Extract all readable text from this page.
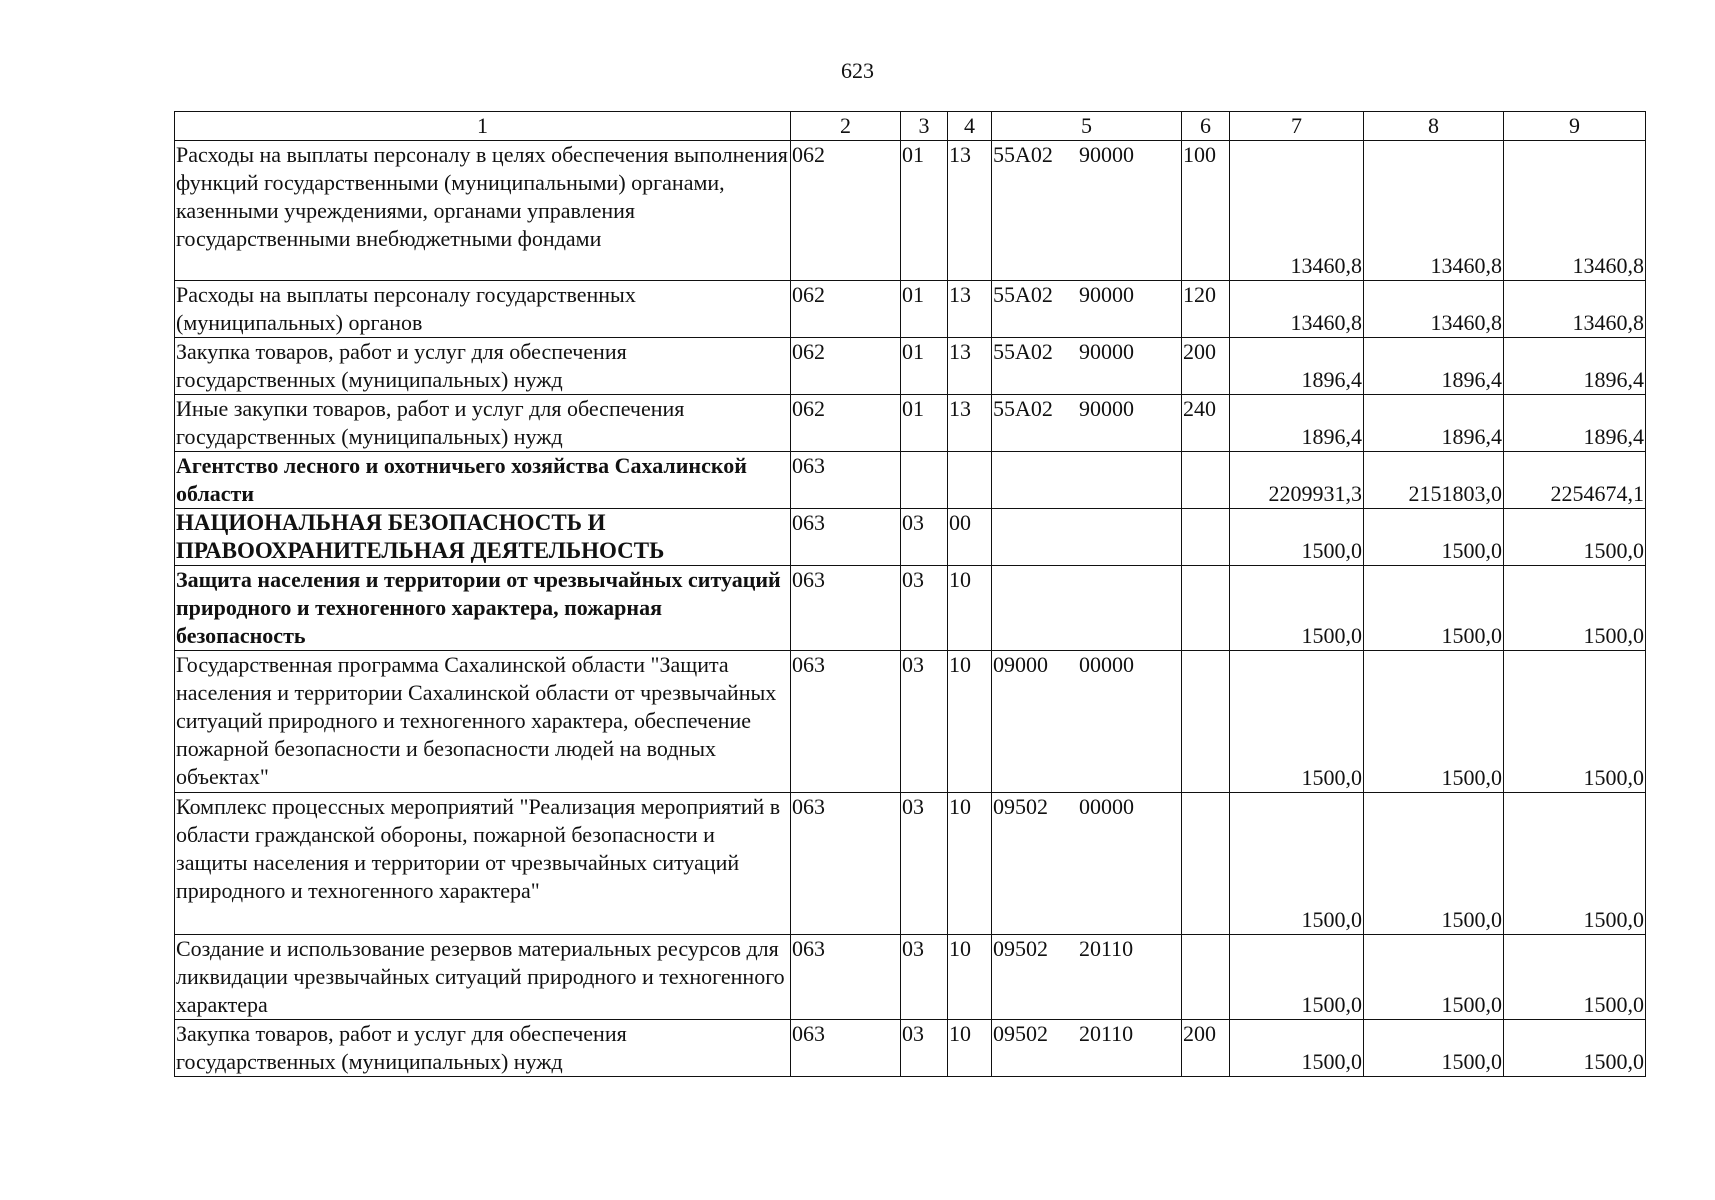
623
1	2	3	4	5	6	7	8	9
Расходы на выплаты персоналу в целях обеспечения выполнения функций государственными (муниципальными) органами, казенными учреждениями, органами управления государственными внебюджетными фондами	062	01	13	55А02 90000	100	13460,8	13460,8	13460,8
Расходы на выплаты персоналу государственных (муниципальных) органов	062	01	13	55А02 90000	120	13460,8	13460,8	13460,8
Закупка товаров, работ и услуг для обеспечения государственных (муниципальных) нужд	062	01	13	55А02 90000	200	1896,4	1896,4	1896,4
Иные закупки товаров, работ и услуг для обеспечения государственных (муниципальных) нужд	062	01	13	55А02 90000	240	1896,4	1896,4	1896,4
Агентство лесного и охотничьего хозяйства Сахалинской области	063					2209931,3	2151803,0	2254674,1
НАЦИОНАЛЬНАЯ БЕЗОПАСНОСТЬ И ПРАВООХРАНИТЕЛЬНАЯ ДЕЯТЕЛЬНОСТЬ	063	03	00			1500,0	1500,0	1500,0
Защита населения и территории от чрезвычайных ситуаций природного и техногенного характера, пожарная безопасность	063	03	10			1500,0	1500,0	1500,0
Государственная программа Сахалинской области "Защита населения и территории Сахалинской области от чрезвычайных ситуаций природного и техногенного характера, обеспечение пожарной безопасности и безопасности людей на водных объектах"	063	03	10	09000 00000		1500,0	1500,0	1500,0
Комплекс процессных мероприятий "Реализация мероприятий в области гражданской обороны, пожарной безопасности и защиты населения и территории от чрезвычайных ситуаций природного и техногенного характера"	063	03	10	09502 00000		1500,0	1500,0	1500,0
Создание и использование резервов материальных ресурсов для ликвидации чрезвычайных ситуаций природного и техногенного характера	063	03	10	09502 20110		1500,0	1500,0	1500,0
Закупка товаров, работ и услуг для обеспечения государственных (муниципальных) нужд	063	03	10	09502 20110	200	1500,0	1500,0	1500,0
